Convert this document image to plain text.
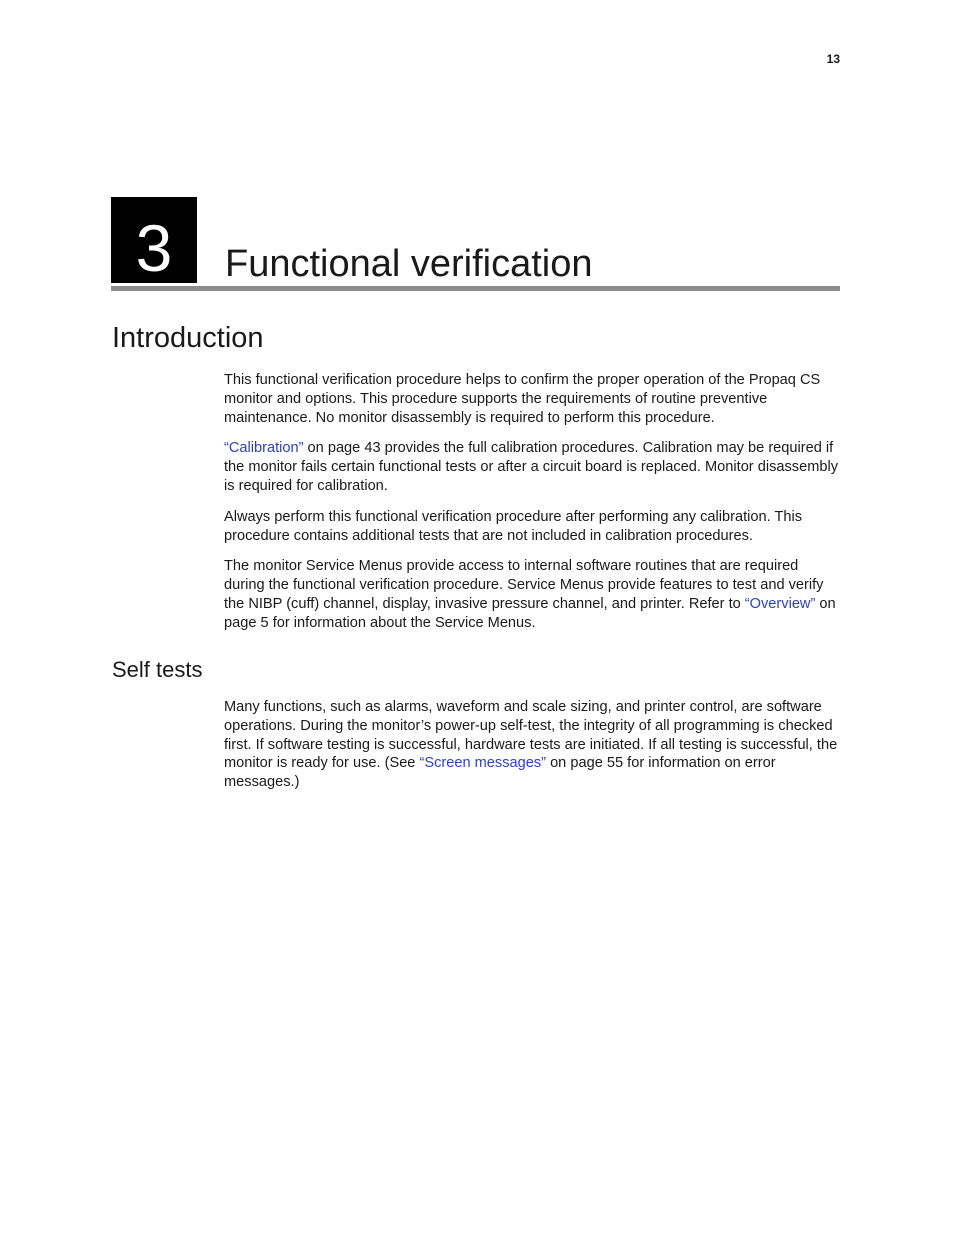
13
3 Functional verification
Introduction

This functional verification procedure helps to confirm the proper operation of the Propaq CS monitor and options. This procedure supports the requirements of routine preventive maintenance. No monitor disassembly is required to perform this procedure.

“Calibration” on page 43 provides the full calibration procedures. Calibration may be required if the monitor fails certain functional tests or after a circuit board is replaced. Monitor disassembly is required for calibration.

Always perform this functional verification procedure after performing any calibration. This procedure contains additional tests that are not included in calibration procedures.

The monitor Service Menus provide access to internal software routines that are required during the functional verification procedure. Service Menus provide features to test and verify the NIBP (cuff) channel, display, invasive pressure channel, and printer. Refer to “Overview” on page 5 for information about the Service Menus.

Self tests

Many functions, such as alarms, waveform and scale sizing, and printer control, are software operations. During the monitor’s power-up self-test, the integrity of all programming is checked first. If software testing is successful, hardware tests are initiated. If all testing is successful, the monitor is ready for use. (See “Screen messages” on page 55 for information on error messages.)
